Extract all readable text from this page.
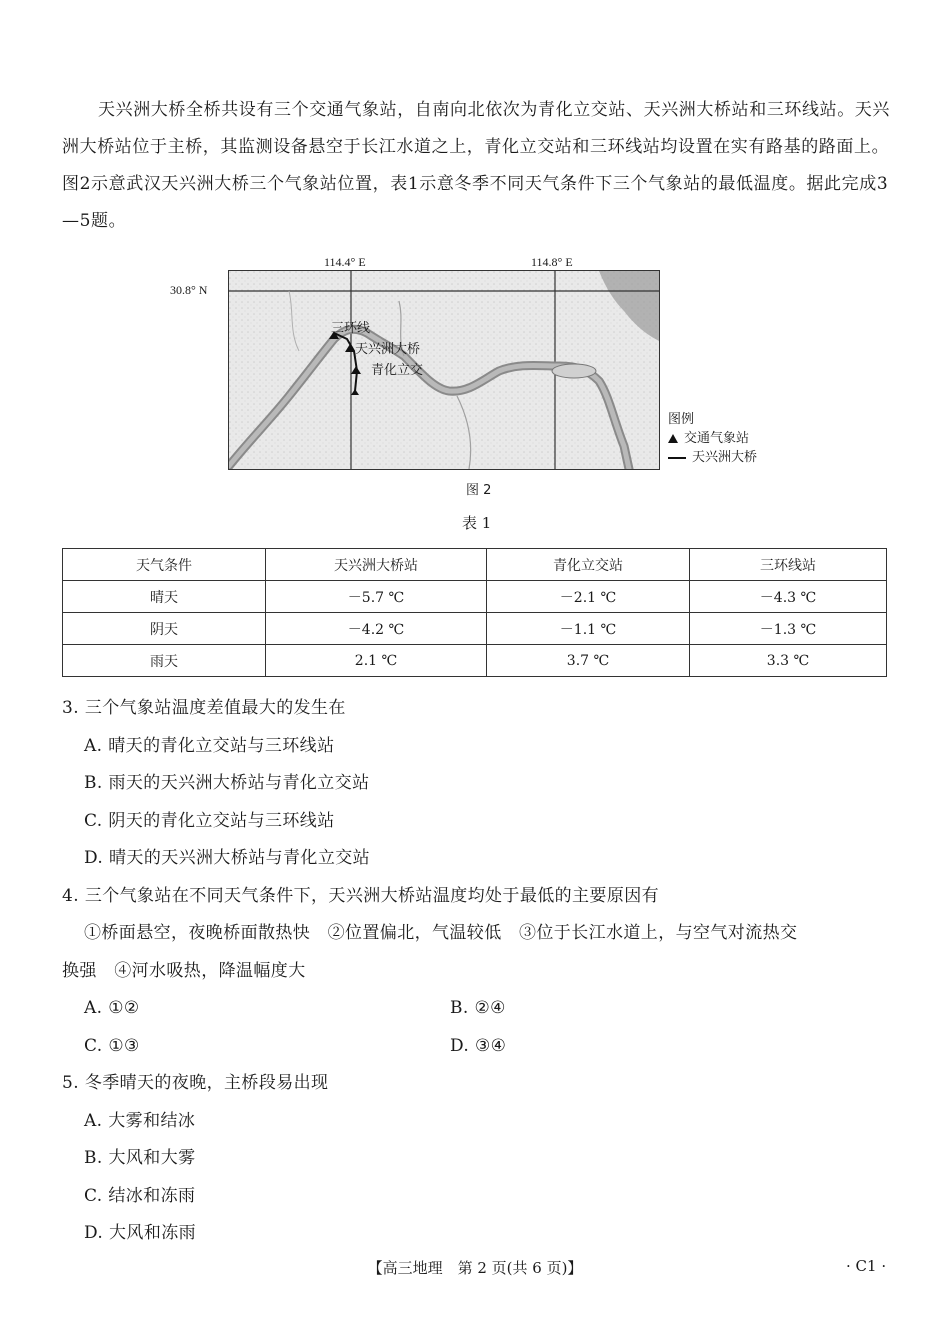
天兴洲大桥全桥共设有三个交通气象站，自南向北依次为青化立交站、天兴洲大桥站和三环线站。天兴洲大桥站位于主桥，其监测设备悬空于长江水道之上，青化立交站和三环线站均设置在实有路基的路面上。图2示意武汉天兴洲大桥三个气象站位置，表1示意冬季不同天气条件下三个气象站的最低温度。据此完成3—5题。
114.4° E	114.8° E
30.8° N
三环线
天兴洲大桥
青化立交
图例
交通气象站
天兴洲大桥
图 2
表 1
天气条件	天兴洲大桥站	青化立交站	三环线站
晴天	－5.7 ℃	－2.1 ℃	－4.3 ℃
阴天	－4.2 ℃	－1.1 ℃	－1.3 ℃
雨天	2.1 ℃	3.7 ℃	3.3 ℃

3. 三个气象站温度差值最大的发生在

A. 晴天的青化立交站与三环线站

B. 雨天的天兴洲大桥站与青化立交站

C. 阴天的青化立交站与三环线站

D. 晴天的天兴洲大桥站与青化立交站

4. 三个气象站在不同天气条件下，天兴洲大桥站温度均处于最低的主要原因有

①桥面悬空，夜晚桥面散热快　②位置偏北，气温较低　③位于长江水道上，与空气对流热交

换强　④河水吸热，降温幅度大

A. ①②	B. ②④
C. ①③	D. ③④

5. 冬季晴天的夜晚，主桥段易出现

A. 大雾和结冰

B. 大风和大雾

C. 结冰和冻雨

D. 大风和冻雨

【高三地理　第 2 页(共 6 页)】	· C1 ·
